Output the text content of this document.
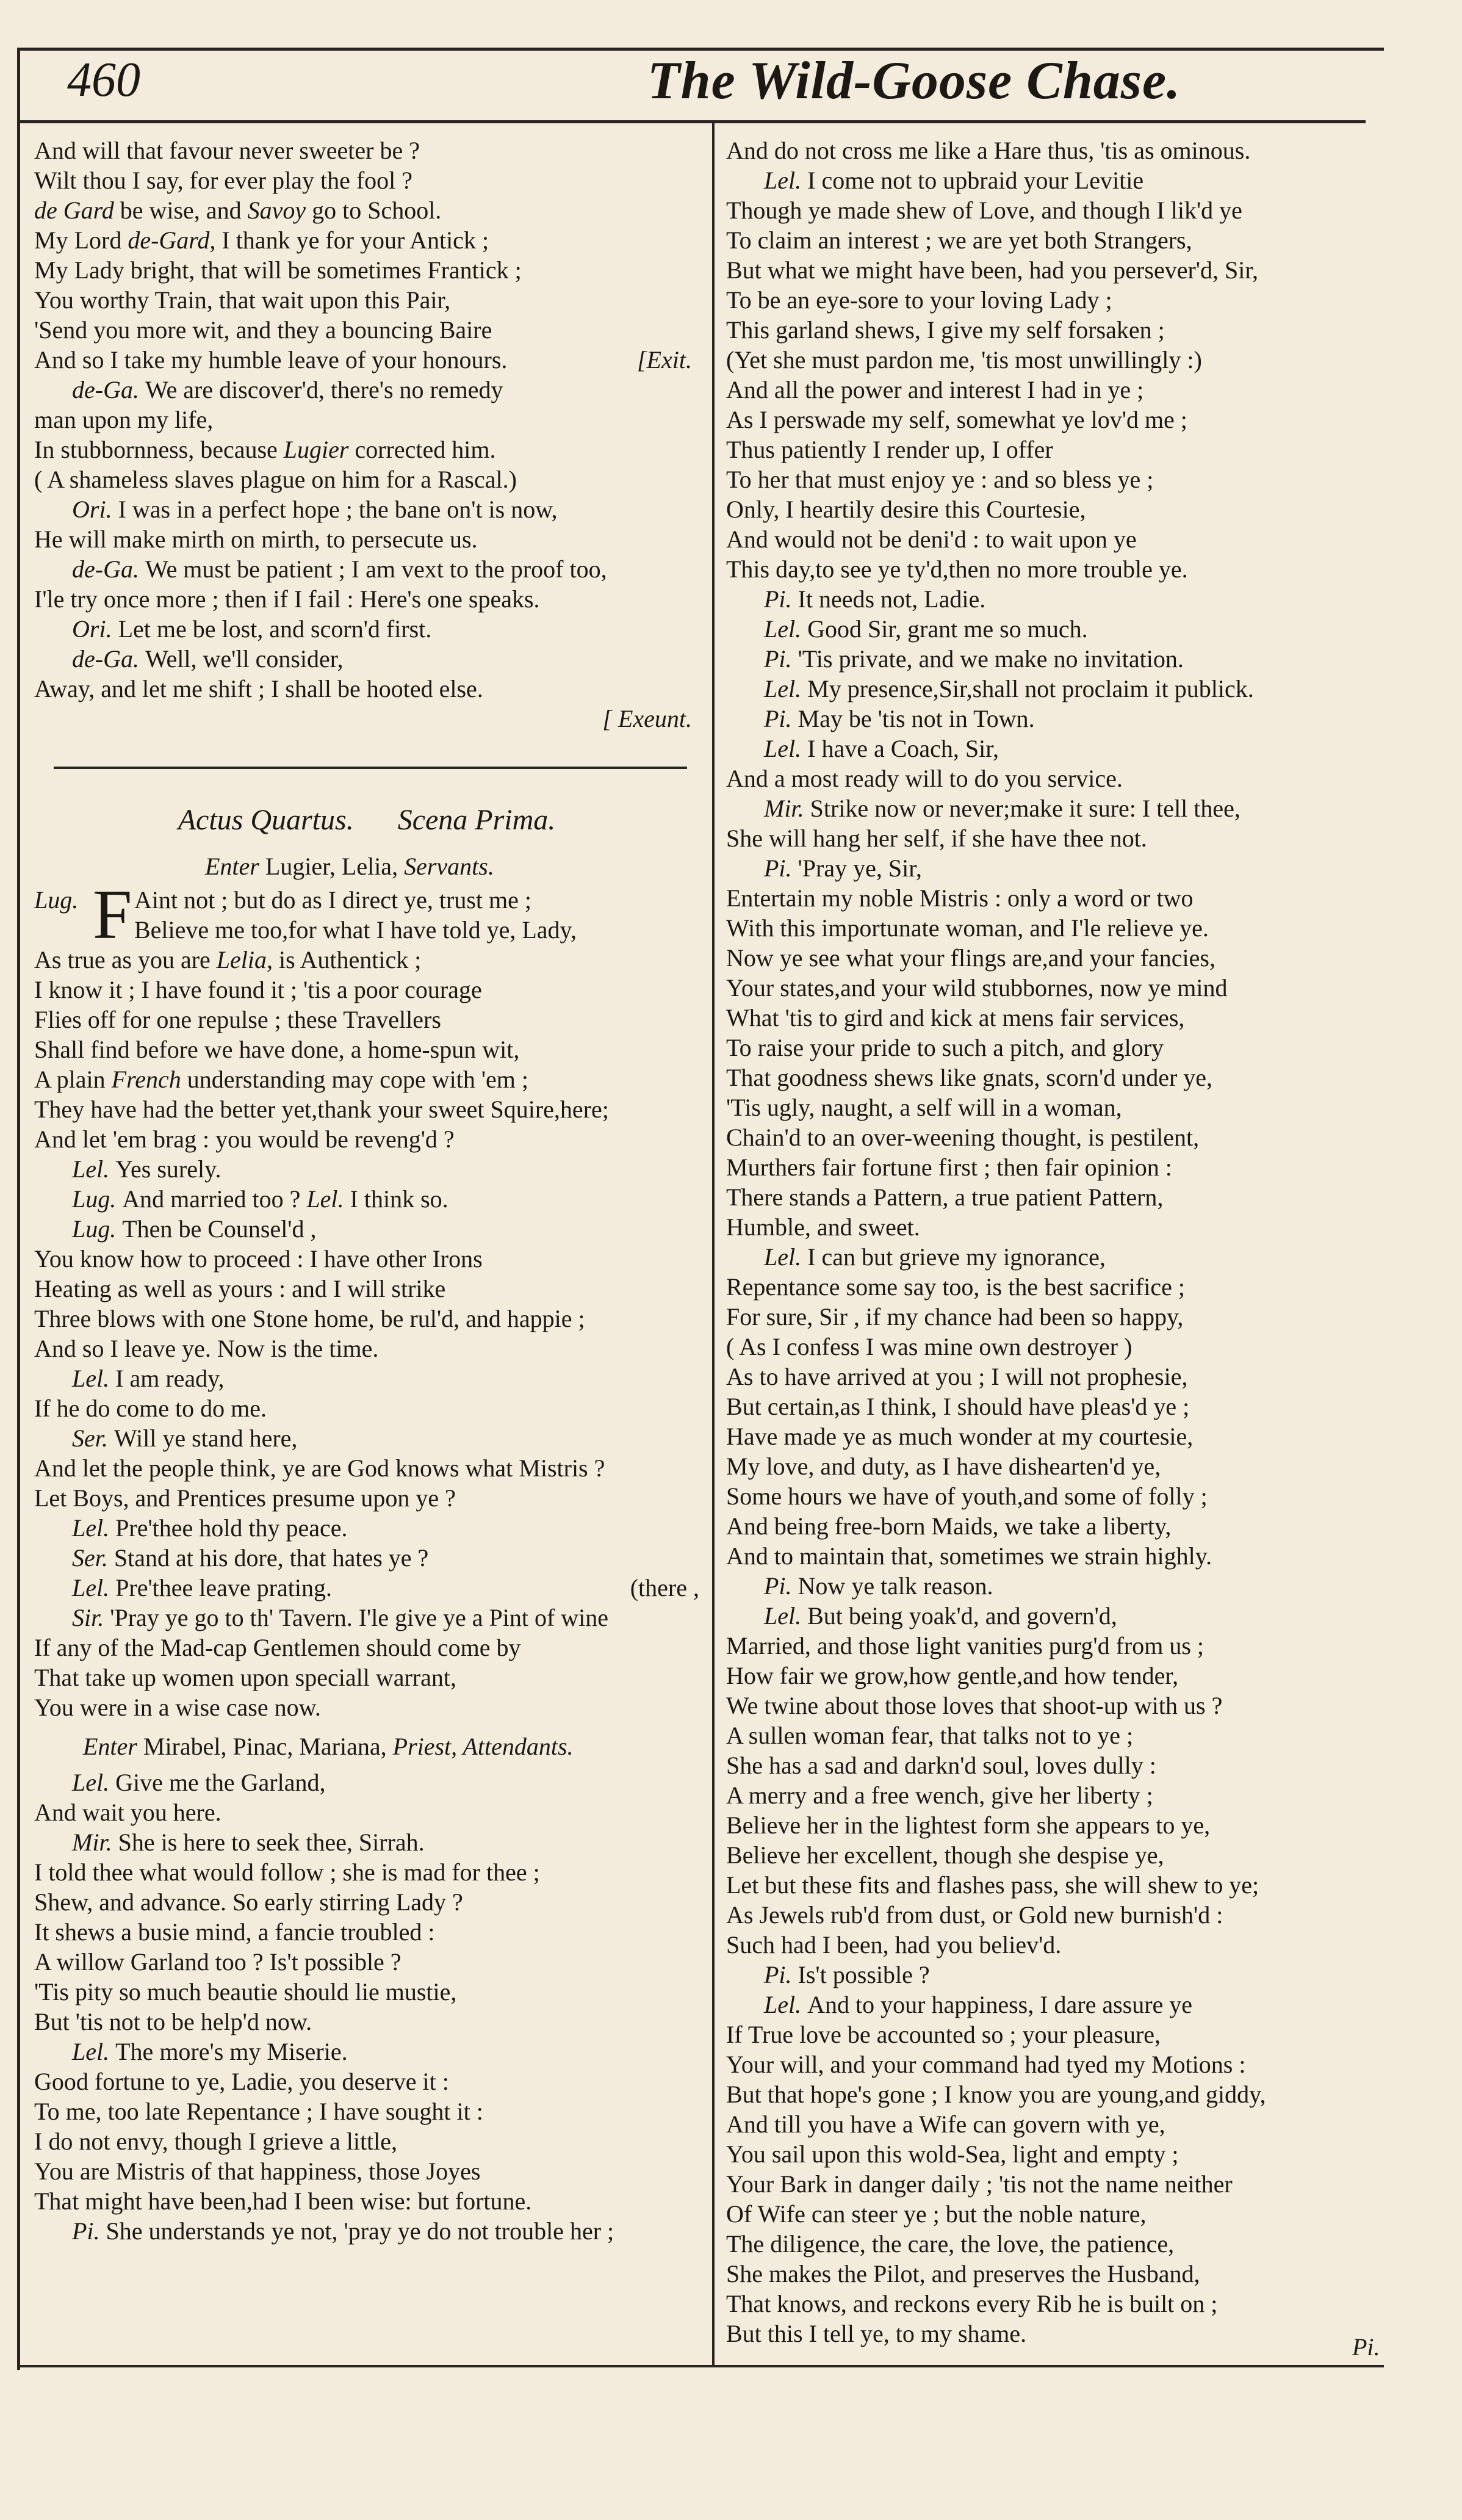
460	The Wild-Goose Chase.
And will that favour never sweeter be ?
Wilt thou I say, for ever play the fool ?
de Gard be wise, and Savoy go to School.
My Lord de-Gard, I thank ye for your Antick ;
My Lady bright, that will be sometimes Frantick ;
You worthy Train, that wait upon this Pair,
'Send you more wit, and they a bouncing Baire
And so I take my humble leave of your honours.	[Exit.
de-Ga. We are discover'd, there's no remedy
man upon my life,
In stubbornness, because Lugier corrected him.
( A shameless slaves plague on him for a Rascal.)
Ori. I was in a perfect hope ; the bane on't is now,
He will make mirth on mirth, to persecute us.
de-Ga. We must be patient ; I am vext to the proof too,
I'le try once more ; then if I fail : Here's one speaks.
Ori. Let me be lost, and scorn'd first.
de-Ga. Well, we'll consider,
Away, and let me shift ; I shall be hooted else.
[ Exeunt.
Actus Quartus. Scena Prima.
Enter Lugier, Lelia, Servants.
Lug. F Aint not ; but do as I direct ye, trust me ;
Believe me too,for what I have told ye, Lady,
As true as you are Lelia, is Authentick ;
I know it ; I have found it ; 'tis a poor courage
Flies off for one repulse ; these Travellers
Shall find before we have done, a home-spun wit,
A plain French understanding may cope with 'em ;
They have had the better yet,thank your sweet Squire,here;
And let 'em brag : you would be reveng'd ?
Lel. Yes surely.
Lug. And married too ? Lel. I think so.
Lug. Then be Counsel'd ,
You know how to proceed : I have other Irons
Heating as well as yours : and I will strike
Three blows with one Stone home, be rul'd, and happie ;
And so I leave ye. Now is the time.
Lel. I am ready,
If he do come to do me.
Ser. Will ye stand here,
And let the people think, ye are God knows what Mistris ?
Let Boys, and Prentices presume upon ye ?
Lel. Pre'thee hold thy peace.
Ser. Stand at his dore, that hates ye ?
Lel. Pre'thee leave prating.	(there ,
Sir. 'Pray ye go to th' Tavern. I'le give ye a Pint of wine
If any of the Mad-cap Gentlemen should come by
That take up women upon speciall warrant,
You were in a wise case now.
Enter Mirabel, Pinac, Mariana, Priest, Attendants.
Lel. Give me the Garland,
And wait you here.
Mir. She is here to seek thee, Sirrah.
I told thee what would follow ; she is mad for thee ;
Shew, and advance. So early stirring Lady ?
It shews a busie mind, a fancie troubled :
A willow Garland too ? Is't possible ?
'Tis pity so much beautie should lie mustie,
But 'tis not to be help'd now.
Lel. The more's my Miserie.
Good fortune to ye, Ladie, you deserve it :
To me, too late Repentance ; I have sought it :
I do not envy, though I grieve a little,
You are Mistris of that happiness, those Joyes
That might have been,had I been wise: but fortune.
Pi. She understands ye not, 'pray ye do not trouble her ;
And do not cross me like a Hare thus, 'tis as ominous.
Lel. I come not to upbraid your Levitie
Though ye made shew of Love, and though I lik'd ye
To claim an interest ; we are yet both Strangers,
But what we might have been, had you persever'd, Sir,
To be an eye-sore to your loving Lady ;
This garland shews, I give my self forsaken ;
(Yet she must pardon me, 'tis most unwillingly :)
And all the power and interest I had in ye ;
As I perswade my self, somewhat ye lov'd me ;
Thus patiently I render up, I offer
To her that must enjoy ye : and so bless ye ;
Only, I heartily desire this Courtesie,
And would not be deni'd : to wait upon ye
This day,to see ye ty'd,then no more trouble ye.
Pi. It needs not, Ladie.
Lel. Good Sir, grant me so much.
Pi. 'Tis private, and we make no invitation.
Lel. My presence,Sir,shall not proclaim it publick.
Pi. May be 'tis not in Town.
Lel. I have a Coach, Sir,
And a most ready will to do you service.
Mir. Strike now or never;make it sure: I tell thee,
She will hang her self, if she have thee not.
Pi. 'Pray ye, Sir,
Entertain my noble Mistris : only a word or two
With this importunate woman, and I'le relieve ye.
Now ye see what your flings are,and your fancies,
Your states,and your wild stubbornes, now ye mind
What 'tis to gird and kick at mens fair services,
To raise your pride to such a pitch, and glory
That goodness shews like gnats, scorn'd under ye,
'Tis ugly, naught, a self will in a woman,
Chain'd to an over-weening thought, is pestilent,
Murthers fair fortune first ; then fair opinion :
There stands a Pattern, a true patient Pattern,
Humble, and sweet.
Lel. I can but grieve my ignorance,
Repentance some say too, is the best sacrifice ;
For sure, Sir , if my chance had been so happy,
( As I confess I was mine own destroyer )
As to have arrived at you ; I will not prophesie,
But certain,as I think, I should have pleas'd ye ;
Have made ye as much wonder at my courtesie,
My love, and duty, as I have dishearten'd ye,
Some hours we have of youth,and some of folly ;
And being free-born Maids, we take a liberty,
And to maintain that, sometimes we strain highly.
Pi. Now ye talk reason.
Lel. But being yoak'd, and govern'd,
Married, and those light vanities purg'd from us ;
How fair we grow,how gentle,and how tender,
We twine about those loves that shoot-up with us ?
A sullen woman fear, that talks not to ye ;
She has a sad and darkn'd soul, loves dully :
A merry and a free wench, give her liberty ;
Believe her in the lightest form she appears to ye,
Believe her excellent, though she despise ye,
Let but these fits and flashes pass, she will shew to ye;
As Jewels rub'd from dust, or Gold new burnish'd :
Such had I been, had you believ'd.
Pi. Is't possible ?
Lel. And to your happiness, I dare assure ye
If True love be accounted so ; your pleasure,
Your will, and your command had tyed my Motions :
But that hope's gone ; I know you are young,and giddy,
And till you have a Wife can govern with ye,
You sail upon this wold-Sea, light and empty ;
Your Bark in danger daily ; 'tis not the name neither
Of Wife can steer ye ; but the noble nature,
The diligence, the care, the love, the patience,
She makes the Pilot, and preserves the Husband,
That knows, and reckons every Rib he is built on ;
But this I tell ye, to my shame.	Pi.
